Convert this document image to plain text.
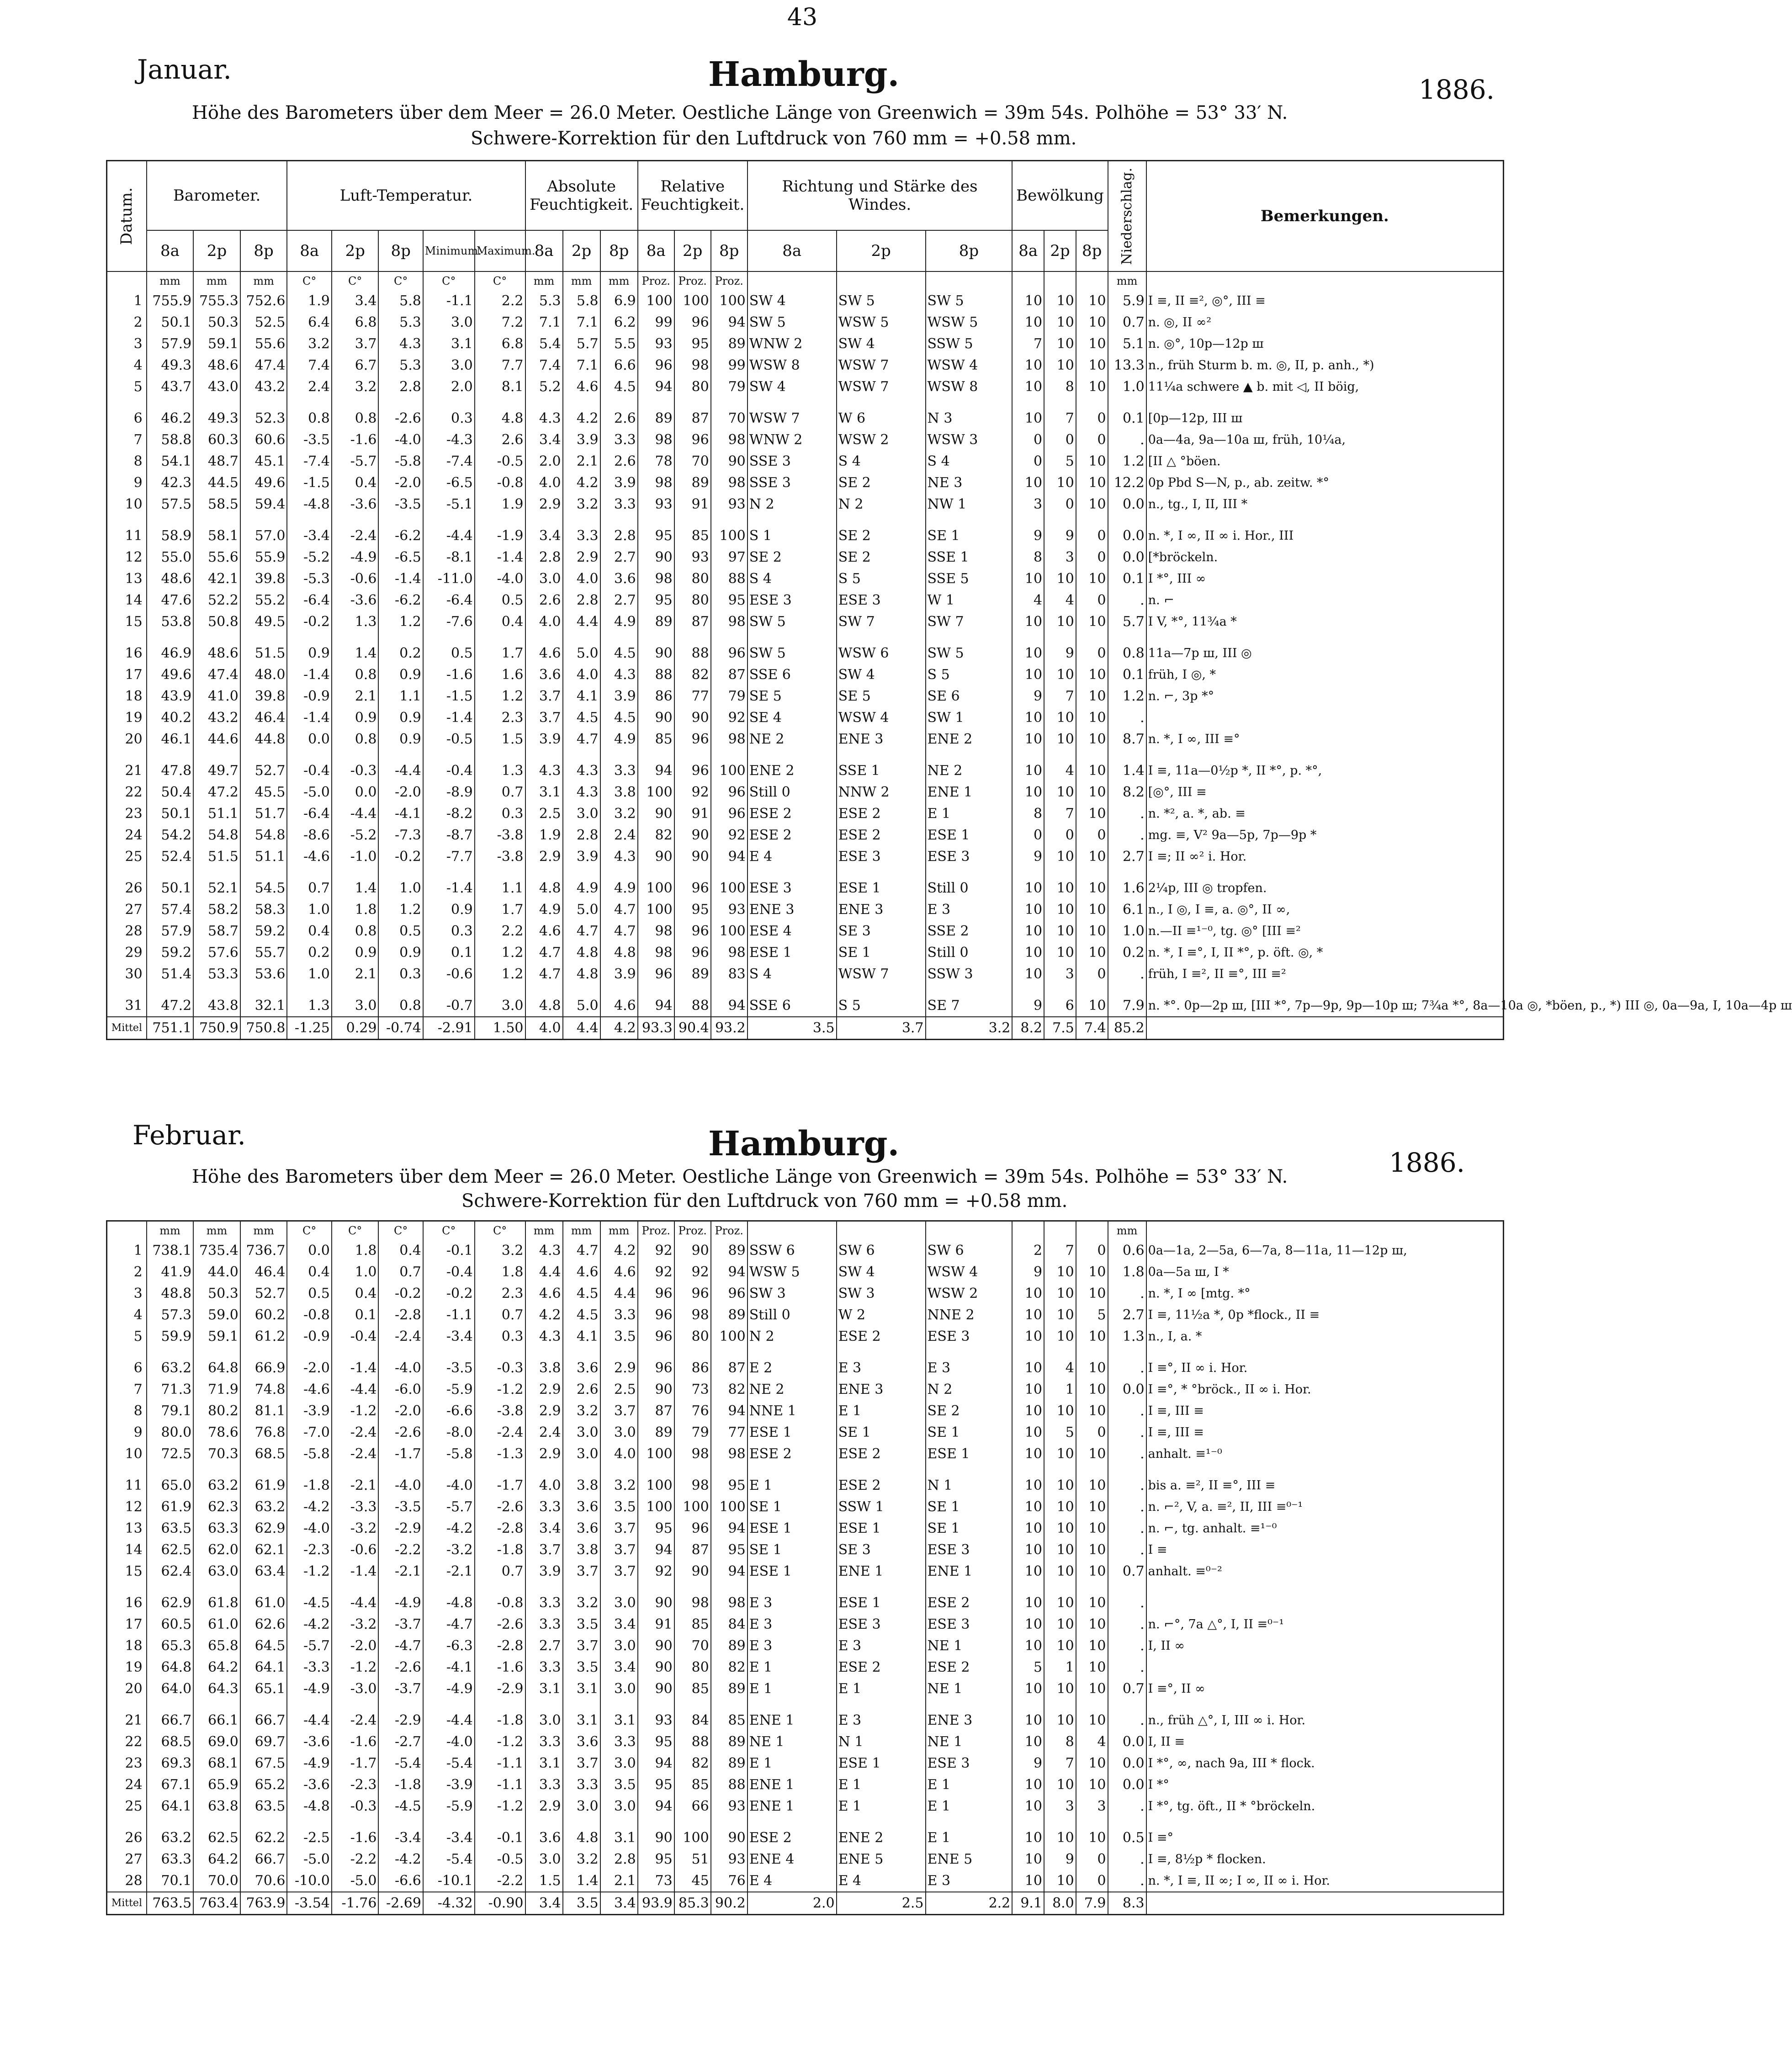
43
Januar.	Hamburg.	1886.
Höhe des Barometers über dem Meer = 26.0 Meter. Oestliche Länge von Greenwich = 39m 54s. Polhöhe = 53° 33′ N.
Schwere-Korrektion für den Luftdruck von 760 mm = +0.58 mm.
Datum.	Barometer.			Luft-Temperatur.					Absolute Feuchtigkeit.			Relative Feuchtigkeit.			Richtung und Stärke des Windes.			Bewölkung			Niederschlag.	Bemerkungen.
	8a	2p	8p	8a	2p	8p	Minimum.	Maximum.	8a	2p	8p	8a	2p	8p	8a	2p	8p	8a	2p	8p		
	mm	mm	mm	C°	C°	C°	C°	C°	mm	mm	mm	Proz.	Proz.	Proz.							mm	
1	755.9	755.3	752.6	1.9	3.4	5.8	-1.1	2.2	5.3	5.8	6.9	100	100	100	SW 4	SW 5	SW 5	10	10	10	5.9	I ≡, II ≡², ◎°, III ≡
2	50.1	50.3	52.5	6.4	6.8	5.3	3.0	7.2	7.1	7.1	6.2	99	96	94	SW 5	WSW 5	WSW 5	10	10	10	0.7	n. ◎, II ∞²
3	57.9	59.1	55.6	3.2	3.7	4.3	3.1	6.8	5.4	5.7	5.5	93	95	89	WNW 2	SW 4	SSW 5	7	10	10	5.1	n. ◎°, 10p—12p ш
4	49.3	48.6	47.4	7.4	6.7	5.3	3.0	7.7	7.4	7.1	6.6	96	98	99	WSW 8	WSW 7	WSW 4	10	10	10	13.3	n., früh Sturm b. m. ◎, II, p. anh., *)
5	43.7	43.0	43.2	2.4	3.2	2.8	2.0	8.1	5.2	4.6	4.5	94	80	79	SW 4	WSW 7	WSW 8	10	8	10	1.0	11¼a schwere ▲ b. mit ◁, II böig,

6	46.2	49.3	52.3	0.8	0.8	-2.6	0.3	4.8	4.3	4.2	2.6	89	87	70	WSW 7	W 6	N 3	10	7	0	0.1	[0p—12p, III ш
7	58.8	60.3	60.6	-3.5	-1.6	-4.0	-4.3	2.6	3.4	3.9	3.3	98	96	98	WNW 2	WSW 2	WSW 3	0	0	0	.	0a—4a, 9a—10a ш, früh, 10¼a,
8	54.1	48.7	45.1	-7.4	-5.7	-5.8	-7.4	-0.5	2.0	2.1	2.6	78	70	90	SSE 3	S 4	S 4	0	5	10	1.2	[II △ °böen.
9	42.3	44.5	49.6	-1.5	0.4	-2.0	-6.5	-0.8	4.0	4.2	3.9	98	89	98	SSE 3	SE 2	NE 3	10	10	10	12.2	0p Pbd S—N, p., ab. zeitw. *°
10	57.5	58.5	59.4	-4.8	-3.6	-3.5	-5.1	1.9	2.9	3.2	3.3	93	91	93	N 2	N 2	NW 1	3	0	10	0.0	n., tg., I, II, III *

11	58.9	58.1	57.0	-3.4	-2.4	-6.2	-4.4	-1.9	3.4	3.3	2.8	95	85	100	S 1	SE 2	SE 1	9	9	0	0.0	n. *, I ∞, II ∞ i. Hor., III
12	55.0	55.6	55.9	-5.2	-4.9	-6.5	-8.1	-1.4	2.8	2.9	2.7	90	93	97	SE 2	SE 2	SSE 1	8	3	0	0.0	[*bröckeln.
13	48.6	42.1	39.8	-5.3	-0.6	-1.4	-11.0	-4.0	3.0	4.0	3.6	98	80	88	S 4	S 5	SSE 5	10	10	10	0.1	I *°, III ∞
14	47.6	52.2	55.2	-6.4	-3.6	-6.2	-6.4	0.5	2.6	2.8	2.7	95	80	95	ESE 3	ESE 3	W 1	4	4	0	.	n. ⌐
15	53.8	50.8	49.5	-0.2	1.3	1.2	-7.6	0.4	4.0	4.4	4.9	89	87	98	SW 5	SW 7	SW 7	10	10	10	5.7	I V, *°, 11¾a *

16	46.9	48.6	51.5	0.9	1.4	0.2	0.5	1.7	4.6	5.0	4.5	90	88	96	SW 5	WSW 6	SW 5	10	9	0	0.8	11a—7p ш, III ◎
17	49.6	47.4	48.0	-1.4	0.8	0.9	-1.6	1.6	3.6	4.0	4.3	88	82	87	SSE 6	SW 4	S 5	10	10	10	0.1	früh, I ◎, *
18	43.9	41.0	39.8	-0.9	2.1	1.1	-1.5	1.2	3.7	4.1	3.9	86	77	79	SE 5	SE 5	SE 6	9	7	10	1.2	n. ⌐, 3p *°
19	40.2	43.2	46.4	-1.4	0.9	0.9	-1.4	2.3	3.7	4.5	4.5	90	90	92	SE 4	WSW 4	SW 1	10	10	10	.	
20	46.1	44.6	44.8	0.0	0.8	0.9	-0.5	1.5	3.9	4.7	4.9	85	96	98	NE 2	ENE 3	ENE 2	10	10	10	8.7	n. *, I ∞, III ≡°

21	47.8	49.7	52.7	-0.4	-0.3	-4.4	-0.4	1.3	4.3	4.3	3.3	94	96	100	ENE 2	SSE 1	NE 2	10	4	10	1.4	I ≡, 11a—0½p *, II *°, p. *°,
22	50.4	47.2	45.5	-5.0	0.0	-2.0	-8.9	0.7	3.1	4.3	3.8	100	92	96	Still 0	NNW 2	ENE 1	10	10	10	8.2	[◎°, III ≡
23	50.1	51.1	51.7	-6.4	-4.4	-4.1	-8.2	0.3	2.5	3.0	3.2	90	91	96	ESE 2	ESE 2	E 1	8	7	10	.	n. *², a. *, ab. ≡
24	54.2	54.8	54.8	-8.6	-5.2	-7.3	-8.7	-3.8	1.9	2.8	2.4	82	90	92	ESE 2	ESE 2	ESE 1	0	0	0	.	mg. ≡, V² 9a—5p, 7p—9p *
25	52.4	51.5	51.1	-4.6	-1.0	-0.2	-7.7	-3.8	2.9	3.9	4.3	90	90	94	E 4	ESE 3	ESE 3	9	10	10	2.7	I ≡; II ∞² i. Hor.

26	50.1	52.1	54.5	0.7	1.4	1.0	-1.4	1.1	4.8	4.9	4.9	100	96	100	ESE 3	ESE 1	Still 0	10	10	10	1.6	2¼p, III ◎ tropfen.
27	57.4	58.2	58.3	1.0	1.8	1.2	0.9	1.7	4.9	5.0	4.7	100	95	93	ENE 3	ENE 3	E 3	10	10	10	6.1	n., I ◎, I ≡, a. ◎°, II ∞,
28	57.9	58.7	59.2	0.4	0.8	0.5	0.3	2.2	4.6	4.7	4.7	98	96	100	ESE 4	SE 3	SSE 2	10	10	10	1.0	n.—II ≡¹⁻⁰, tg. ◎° [III ≡²
29	59.2	57.6	55.7	0.2	0.9	0.9	0.1	1.2	4.7	4.8	4.8	98	96	98	ESE 1	SE 1	Still 0	10	10	10	0.2	n. *, I ≡°, I, II *°, p. öft. ◎, *
30	51.4	53.3	53.6	1.0	2.1	0.3	-0.6	1.2	4.7	4.8	3.9	96	89	83	S 4	WSW 7	SSW 3	10	3	0	.	früh, I ≡², II ≡°, III ≡²

31	47.2	43.8	32.1	1.3	3.0	0.8	-0.7	3.0	4.8	5.0	4.6	94	88	94	SSE 6	S 5	SE 7	9	6	10	7.9	n. *°. 0p—2p ш, [III *°, 7p—9p, 9p—10p ш; 7¾a *°, 8a—10a ◎, *böen, p., *) III ◎, 0a—9a, I, 10a—4p ш
Mittel	751.1	750.9	750.8	-1.25	0.29	-0.74	-2.91	1.50	4.0	4.4	4.2	93.3	90.4	93.2	3.5	3.7	3.2	8.2	7.5	7.4	85.2	
Februar.	Hamburg.	1886.
Höhe des Barometers über dem Meer = 26.0 Meter. Oestliche Länge von Greenwich = 39m 54s. Polhöhe = 53° 33′ N.
Schwere-Korrektion für den Luftdruck von 760 mm = +0.58 mm.
	mm	mm	mm	C°	C°	C°	C°	C°	mm	mm	mm	Proz.	Proz.	Proz.							mm	
1	738.1	735.4	736.7	0.0	1.8	0.4	-0.1	3.2	4.3	4.7	4.2	92	90	89	SSW 6	SW 6	SW 6	2	7	0	0.6	0a—1a, 2—5a, 6—7a, 8—11a, 11—12p ш,
2	41.9	44.0	46.4	0.4	1.0	0.7	-0.4	1.8	4.4	4.6	4.6	92	92	94	WSW 5	SW 4	WSW 4	9	10	10	1.8	0a—5a ш, I *
3	48.8	50.3	52.7	0.5	0.4	-0.2	-0.2	2.3	4.6	4.5	4.4	96	96	96	SW 3	SW 3	WSW 2	10	10	10	.	n. *, I ∞ [mtg. *°
4	57.3	59.0	60.2	-0.8	0.1	-2.8	-1.1	0.7	4.2	4.5	3.3	96	98	89	Still 0	W 2	NNE 2	10	10	5	2.7	I ≡, 11½a *, 0p *flock., II ≡
5	59.9	59.1	61.2	-0.9	-0.4	-2.4	-3.4	0.3	4.3	4.1	3.5	96	80	100	N 2	ESE 2	ESE 3	10	10	10	1.3	n., I, a. *

6	63.2	64.8	66.9	-2.0	-1.4	-4.0	-3.5	-0.3	3.8	3.6	2.9	96	86	87	E 2	E 3	E 3	10	4	10	.	I ≡°, II ∞ i. Hor.
7	71.3	71.9	74.8	-4.6	-4.4	-6.0	-5.9	-1.2	2.9	2.6	2.5	90	73	82	NE 2	ENE 3	N 2	10	1	10	0.0	I ≡°, * °bröck., II ∞ i. Hor.
8	79.1	80.2	81.1	-3.9	-1.2	-2.0	-6.6	-3.8	2.9	3.2	3.7	87	76	94	NNE 1	E 1	SE 2	10	10	10	.	I ≡, III ≡
9	80.0	78.6	76.8	-7.0	-2.4	-2.6	-8.0	-2.4	2.4	3.0	3.0	89	79	77	ESE 1	SE 1	SE 1	10	5	0	.	I ≡, III ≡
10	72.5	70.3	68.5	-5.8	-2.4	-1.7	-5.8	-1.3	2.9	3.0	4.0	100	98	98	ESE 2	ESE 2	ESE 1	10	10	10	.	anhalt. ≡¹⁻⁰

11	65.0	63.2	61.9	-1.8	-2.1	-4.0	-4.0	-1.7	4.0	3.8	3.2	100	98	95	E 1	ESE 2	N 1	10	10	10	.	bis a. ≡², II ≡°, III ≡
12	61.9	62.3	63.2	-4.2	-3.3	-3.5	-5.7	-2.6	3.3	3.6	3.5	100	100	100	SE 1	SSW 1	SE 1	10	10	10	.	n. ⌐², V, a. ≡², II, III ≡⁰⁻¹
13	63.5	63.3	62.9	-4.0	-3.2	-2.9	-4.2	-2.8	3.4	3.6	3.7	95	96	94	ESE 1	ESE 1	SE 1	10	10	10	.	n. ⌐, tg. anhalt. ≡¹⁻⁰
14	62.5	62.0	62.1	-2.3	-0.6	-2.2	-3.2	-1.8	3.7	3.8	3.7	94	87	95	SE 1	SE 3	ESE 3	10	10	10	.	I ≡
15	62.4	63.0	63.4	-1.2	-1.4	-2.1	-2.1	0.7	3.9	3.7	3.7	92	90	94	ESE 1	ENE 1	ENE 1	10	10	10	0.7	anhalt. ≡⁰⁻²

16	62.9	61.8	61.0	-4.5	-4.4	-4.9	-4.8	-0.8	3.3	3.2	3.0	90	98	98	E 3	ESE 1	ESE 2	10	10	10	.	
17	60.5	61.0	62.6	-4.2	-3.2	-3.7	-4.7	-2.6	3.3	3.5	3.4	91	85	84	E 3	ESE 3	ESE 3	10	10	10	.	n. ⌐°, 7a △°, I, II ≡⁰⁻¹
18	65.3	65.8	64.5	-5.7	-2.0	-4.7	-6.3	-2.8	2.7	3.7	3.0	90	70	89	E 3	E 3	NE 1	10	10	10	.	I, II ∞
19	64.8	64.2	64.1	-3.3	-1.2	-2.6	-4.1	-1.6	3.3	3.5	3.4	90	80	82	E 1	ESE 2	ESE 2	5	1	10	.	
20	64.0	64.3	65.1	-4.9	-3.0	-3.7	-4.9	-2.9	3.1	3.1	3.0	90	85	89	E 1	E 1	NE 1	10	10	10	0.7	I ≡°, II ∞

21	66.7	66.1	66.7	-4.4	-2.4	-2.9	-4.4	-1.8	3.0	3.1	3.1	93	84	85	ENE 1	E 3	ENE 3	10	10	10	.	n., früh △°, I, III ∞ i. Hor.
22	68.5	69.0	69.7	-3.6	-1.6	-2.7	-4.0	-1.2	3.3	3.6	3.3	95	88	89	NE 1	N 1	NE 1	10	8	4	0.0	I, II ≡
23	69.3	68.1	67.5	-4.9	-1.7	-5.4	-5.4	-1.1	3.1	3.7	3.0	94	82	89	E 1	ESE 1	ESE 3	9	7	10	0.0	I *°, ∞, nach 9a, III * flock.
24	67.1	65.9	65.2	-3.6	-2.3	-1.8	-3.9	-1.1	3.3	3.3	3.5	95	85	88	ENE 1	E 1	E 1	10	10	10	0.0	I *°
25	64.1	63.8	63.5	-4.8	-0.3	-4.5	-5.9	-1.2	2.9	3.0	3.0	94	66	93	ENE 1	E 1	E 1	10	3	3	.	I *°, tg. öft., II * °bröckeln.

26	63.2	62.5	62.2	-2.5	-1.6	-3.4	-3.4	-0.1	3.6	4.8	3.1	90	100	90	ESE 2	ENE 2	E 1	10	10	10	0.5	I ≡°
27	63.3	64.2	66.7	-5.0	-2.2	-4.2	-5.4	-0.5	3.0	3.2	2.8	95	51	93	ENE 4	ENE 5	ENE 5	10	9	0	.	I ≡, 8½p * flocken.
28	70.1	70.0	70.6	-10.0	-5.0	-6.6	-10.1	-2.2	1.5	1.4	2.1	73	45	76	E 4	E 4	E 3	10	10	0	.	n. *, I ≡, II ∞; I ∞, II ∞ i. Hor.
Mittel	763.5	763.4	763.9	-3.54	-1.76	-2.69	-4.32	-0.90	3.4	3.5	3.4	93.9	85.3	90.2	2.0	2.5	2.2	9.1	8.0	7.9	8.3	
